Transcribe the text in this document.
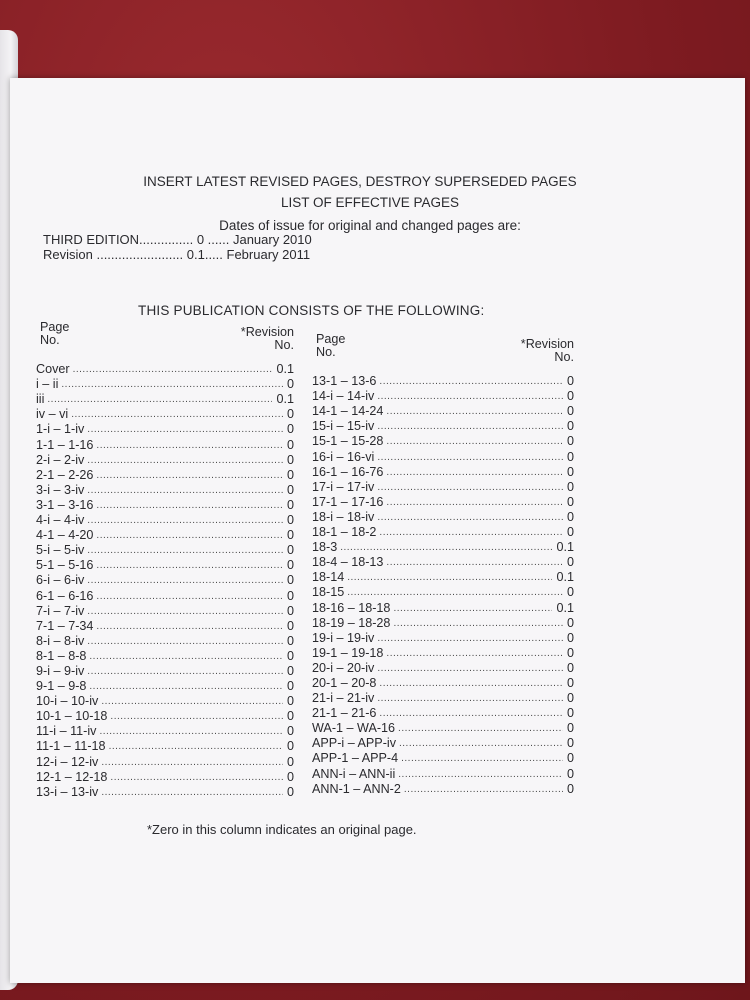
INSERT LATEST REVISED PAGES, DESTROY SUPERSEDED PAGES
LIST OF EFFECTIVE PAGES
Dates of issue for original and changed pages are:
THIRD EDITION............... 0 ...... January 2010
Revision ........................ 0.1..... February 2011
THIS PUBLICATION CONSISTS OF THE FOLLOWING:
Page
No.
*Revision
No.
Cover .....	0.1
i – ii .....	0
iii .....	0.1
iv – vi .....	0
1-i – 1-iv .....	0
1-1 – 1-16 .....	0
2-i – 2-iv .....	0
2-1 – 2-26 .....	0
3-i – 3-iv .....	0
3-1 – 3-16 .....	0
4-i – 4-iv .....	0
4-1 – 4-20 .....	0
5-i – 5-iv .....	0
5-1 – 5-16 .....	0
6-i – 6-iv .....	0
6-1 – 6-16 .....	0
7-i – 7-iv .....	0
7-1 – 7-34 .....	0
8-i – 8-iv .....	0
8-1 – 8-8 .....	0
9-i – 9-iv .....	0
9-1 – 9-8 .....	0
10-i – 10-iv .....	0
10-1 – 10-18 .....	0
11-i – 11-iv .....	0
11-1 – 11-18 .....	0
12-i – 12-iv .....	0
12-1 – 12-18 .....	0
13-i – 13-iv .....	0
Page
No.
*Revision
No.
13-1 – 13-6 .....	0
14-i – 14-iv .....	0
14-1 – 14-24 .....	0
15-i – 15-iv .....	0
15-1 – 15-28 .....	0
16-i – 16-vi .....	0
16-1 – 16-76 .....	0
17-i – 17-iv .....	0
17-1 – 17-16 .....	0
18-i – 18-iv .....	0
18-1 – 18-2 .....	0
18-3 .....	0.1
18-4 – 18-13 .....	0
18-14 .....	0.1
18-15 .....	0
18-16 – 18-18 .....	0.1
18-19 – 18-28 .....	0
19-i – 19-iv .....	0
19-1 – 19-18 .....	0
20-i – 20-iv .....	0
20-1 – 20-8 .....	0
21-i – 21-iv .....	0
21-1 – 21-6 .....	0
WA-1 – WA-16 .....	0
APP-i – APP-iv .....	0
APP-1 – APP-4 .....	0
ANN-i – ANN-ii .....	0
ANN-1 – ANN-2 .....	0
*Zero in this column indicates an original page.
